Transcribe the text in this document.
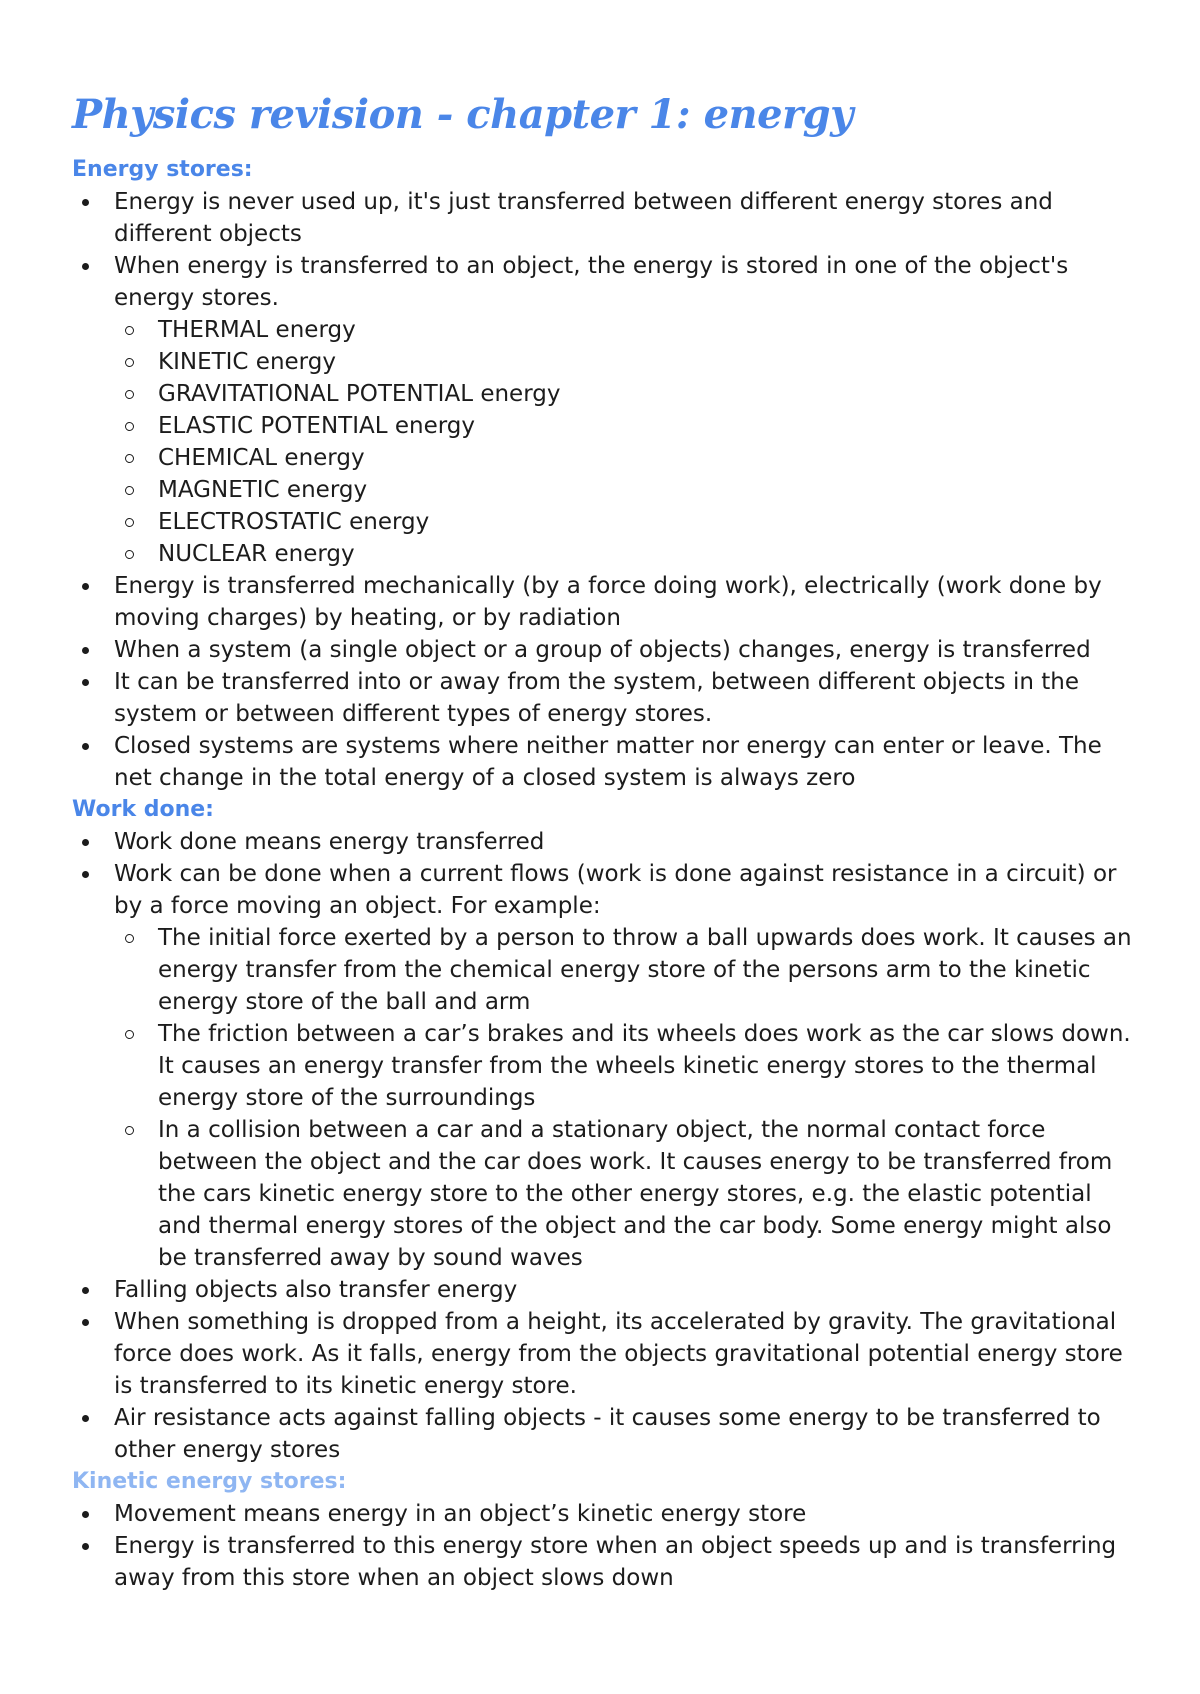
Physics revision - chapter 1: energy
Energy stores:
Energy is never used up, it's just transferred between different energy stores and different objects
When energy is transferred to an object, the energy is stored in one of the object's energy stores.
THERMAL energy
KINETIC energy
GRAVITATIONAL POTENTIAL energy
ELASTIC POTENTIAL energy
CHEMICAL energy
MAGNETIC energy
ELECTROSTATIC energy
NUCLEAR energy
Energy is transferred mechanically (by a force doing work), electrically (work done by moving charges) by heating, or by radiation
When a system (a single object or a group of objects) changes, energy is transferred
It can be transferred into or away from the system, between different objects in the system or between different types of energy stores.
Closed systems are systems where neither matter nor energy can enter or leave. The net change in the total energy of a closed system is always zero
Work done:
Work done means energy transferred
Work can be done when a current flows (work is done against resistance in a circuit) or by a force moving an object. For example:
The initial force exerted by a person to throw a ball upwards does work. It causes an energy transfer from the chemical energy store of the persons arm to the kinetic energy store of the ball and arm
The friction between a car’s brakes and its wheels does work as the car slows down. It causes an energy transfer from the wheels kinetic energy stores to the thermal energy store of the surroundings
In a collision between a car and a stationary object, the normal contact force between the object and the car does work. It causes energy to be transferred from the cars kinetic energy store to the other energy stores, e.g. the elastic potential and thermal energy stores of the object and the car body. Some energy might also be transferred away by sound waves
Falling objects also transfer energy
When something is dropped from a height, its accelerated by gravity. The gravitational force does work. As it falls, energy from the objects gravitational potential energy store is transferred to its kinetic energy store.
Air resistance acts against falling objects - it causes some energy to be transferred to other energy stores
Kinetic energy stores:
Movement means energy in an object’s kinetic energy store
Energy is transferred to this energy store when an object speeds up and is transferring away from this store when an object slows down
